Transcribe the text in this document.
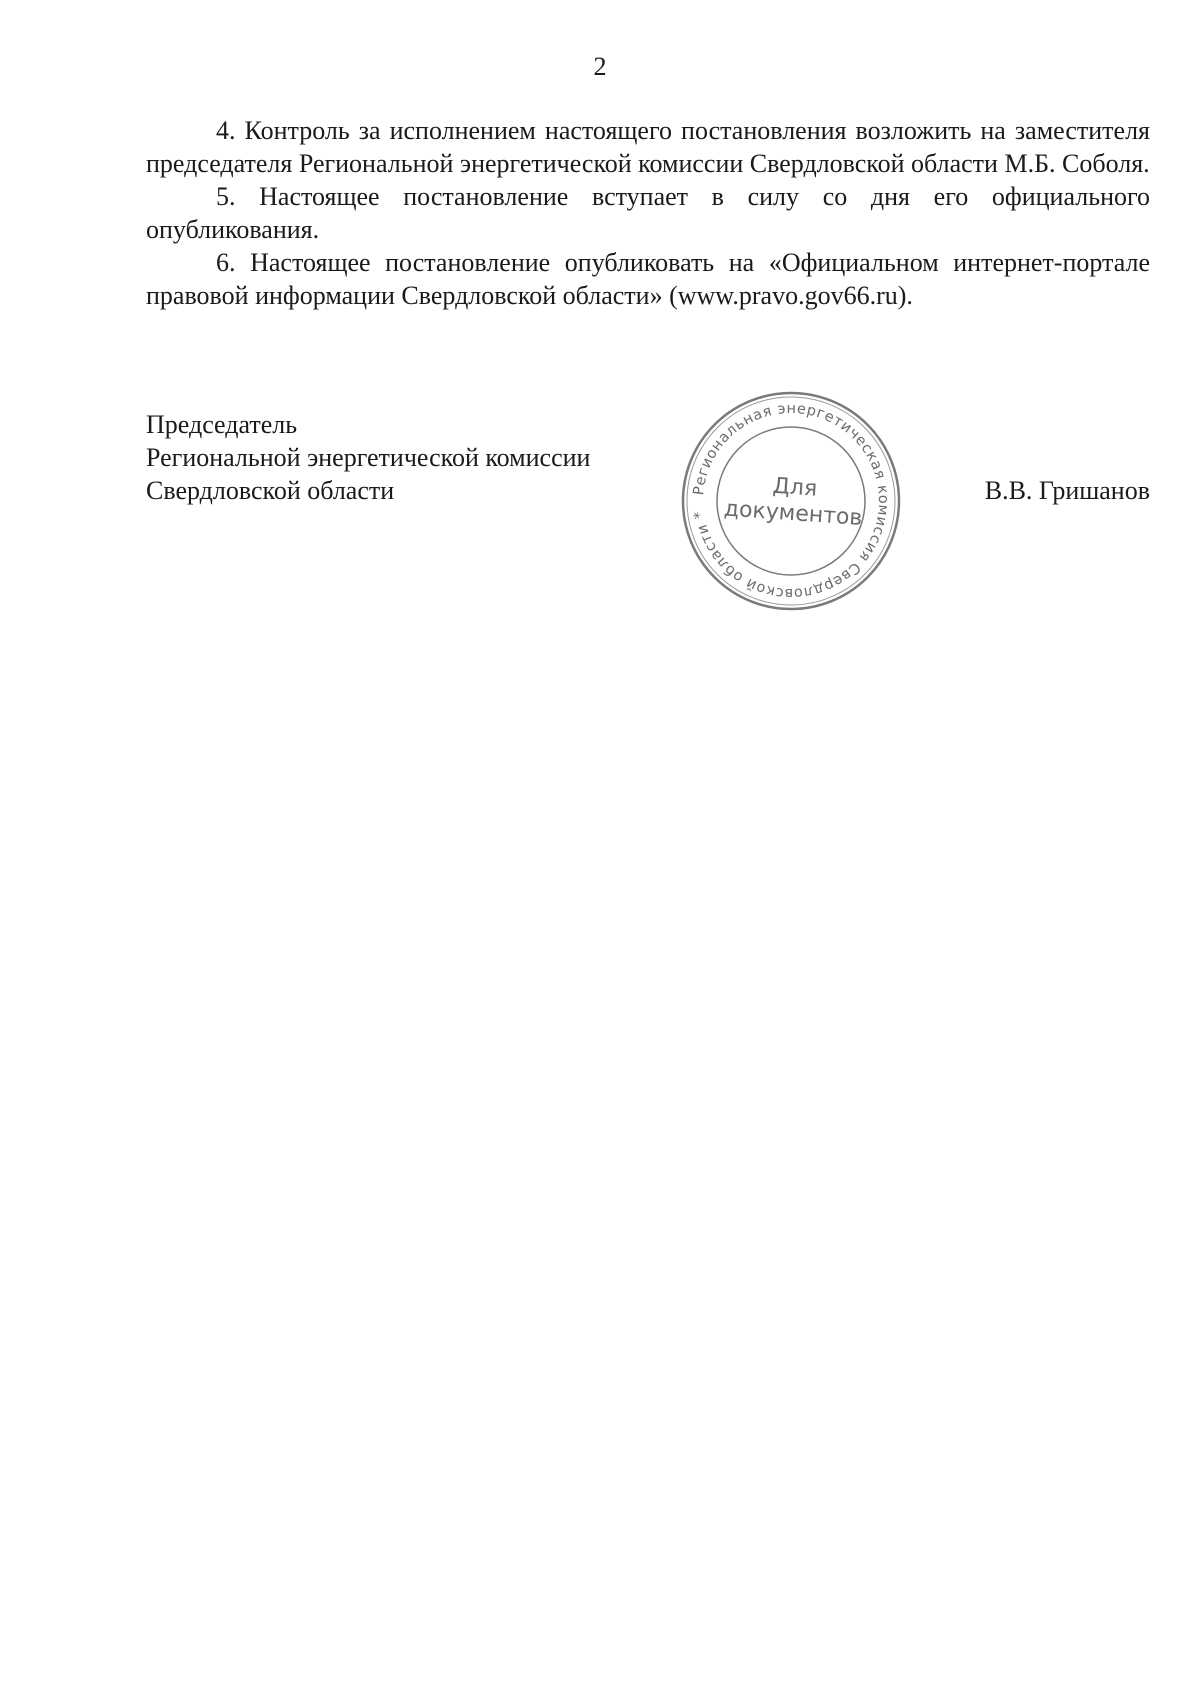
2

4. Контроль за исполнением настоящего постановления возложить на заместителя председателя Региональной энергетической комиссии Свердловской области М.Б. Соболя.

5. Настоящее постановление вступает в силу со дня его официального опубликования.

6. Настоящее постановление опубликовать на «Официальном интернет-портале правовой информации Свердловской области» (www.pravo.gov66.ru).

Председатель
Региональной энергетической комиссии
Свердловской области	Региональная энергетическая комиссия Свердловской области *
Для
документов
В.В. Гришанов
